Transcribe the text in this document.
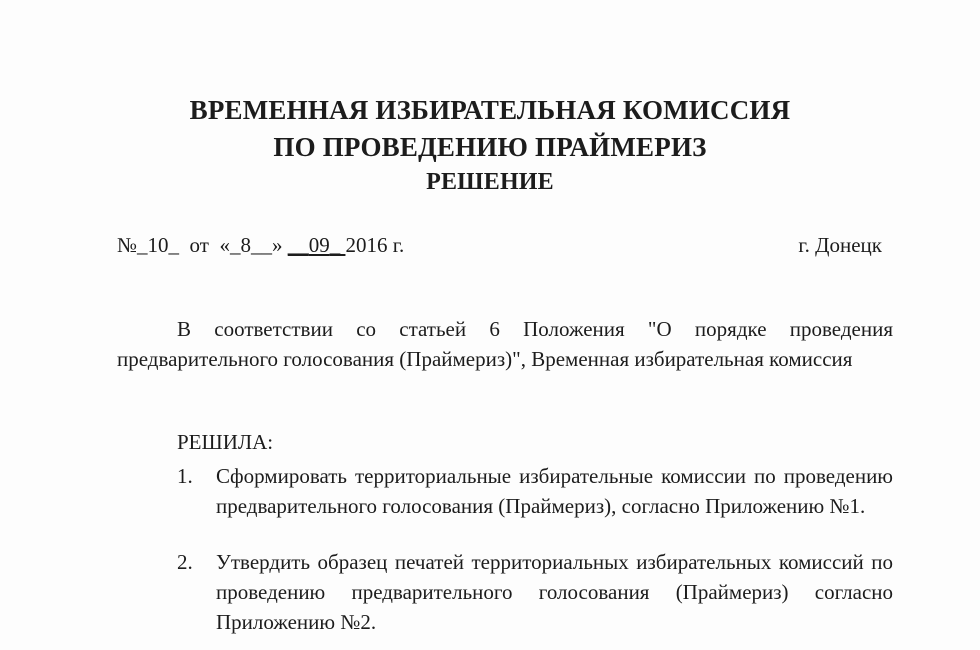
ВРЕМЕННАЯ ИЗБИРАТЕЛЬНАЯ КОМИССИЯ
ПО ПРОВЕДЕНИЮ ПРАЙМЕРИЗ
РЕШЕНИЕ
№_10_  от  «_8__» __09_ 2016 г.	г. Донецк
В соответствии со статьей 6 Положения "О порядке проведения предварительного голосования (Праймериз)", Временная избирательная комиссия
РЕШИЛА:
1. Сформировать территориальные избирательные комиссии по проведению предварительного голосования (Праймериз), согласно Приложению №1.
2. Утвердить образец печатей территориальных избирательных комиссий по проведению предварительного голосования (Праймериз) согласно Приложению №2.
